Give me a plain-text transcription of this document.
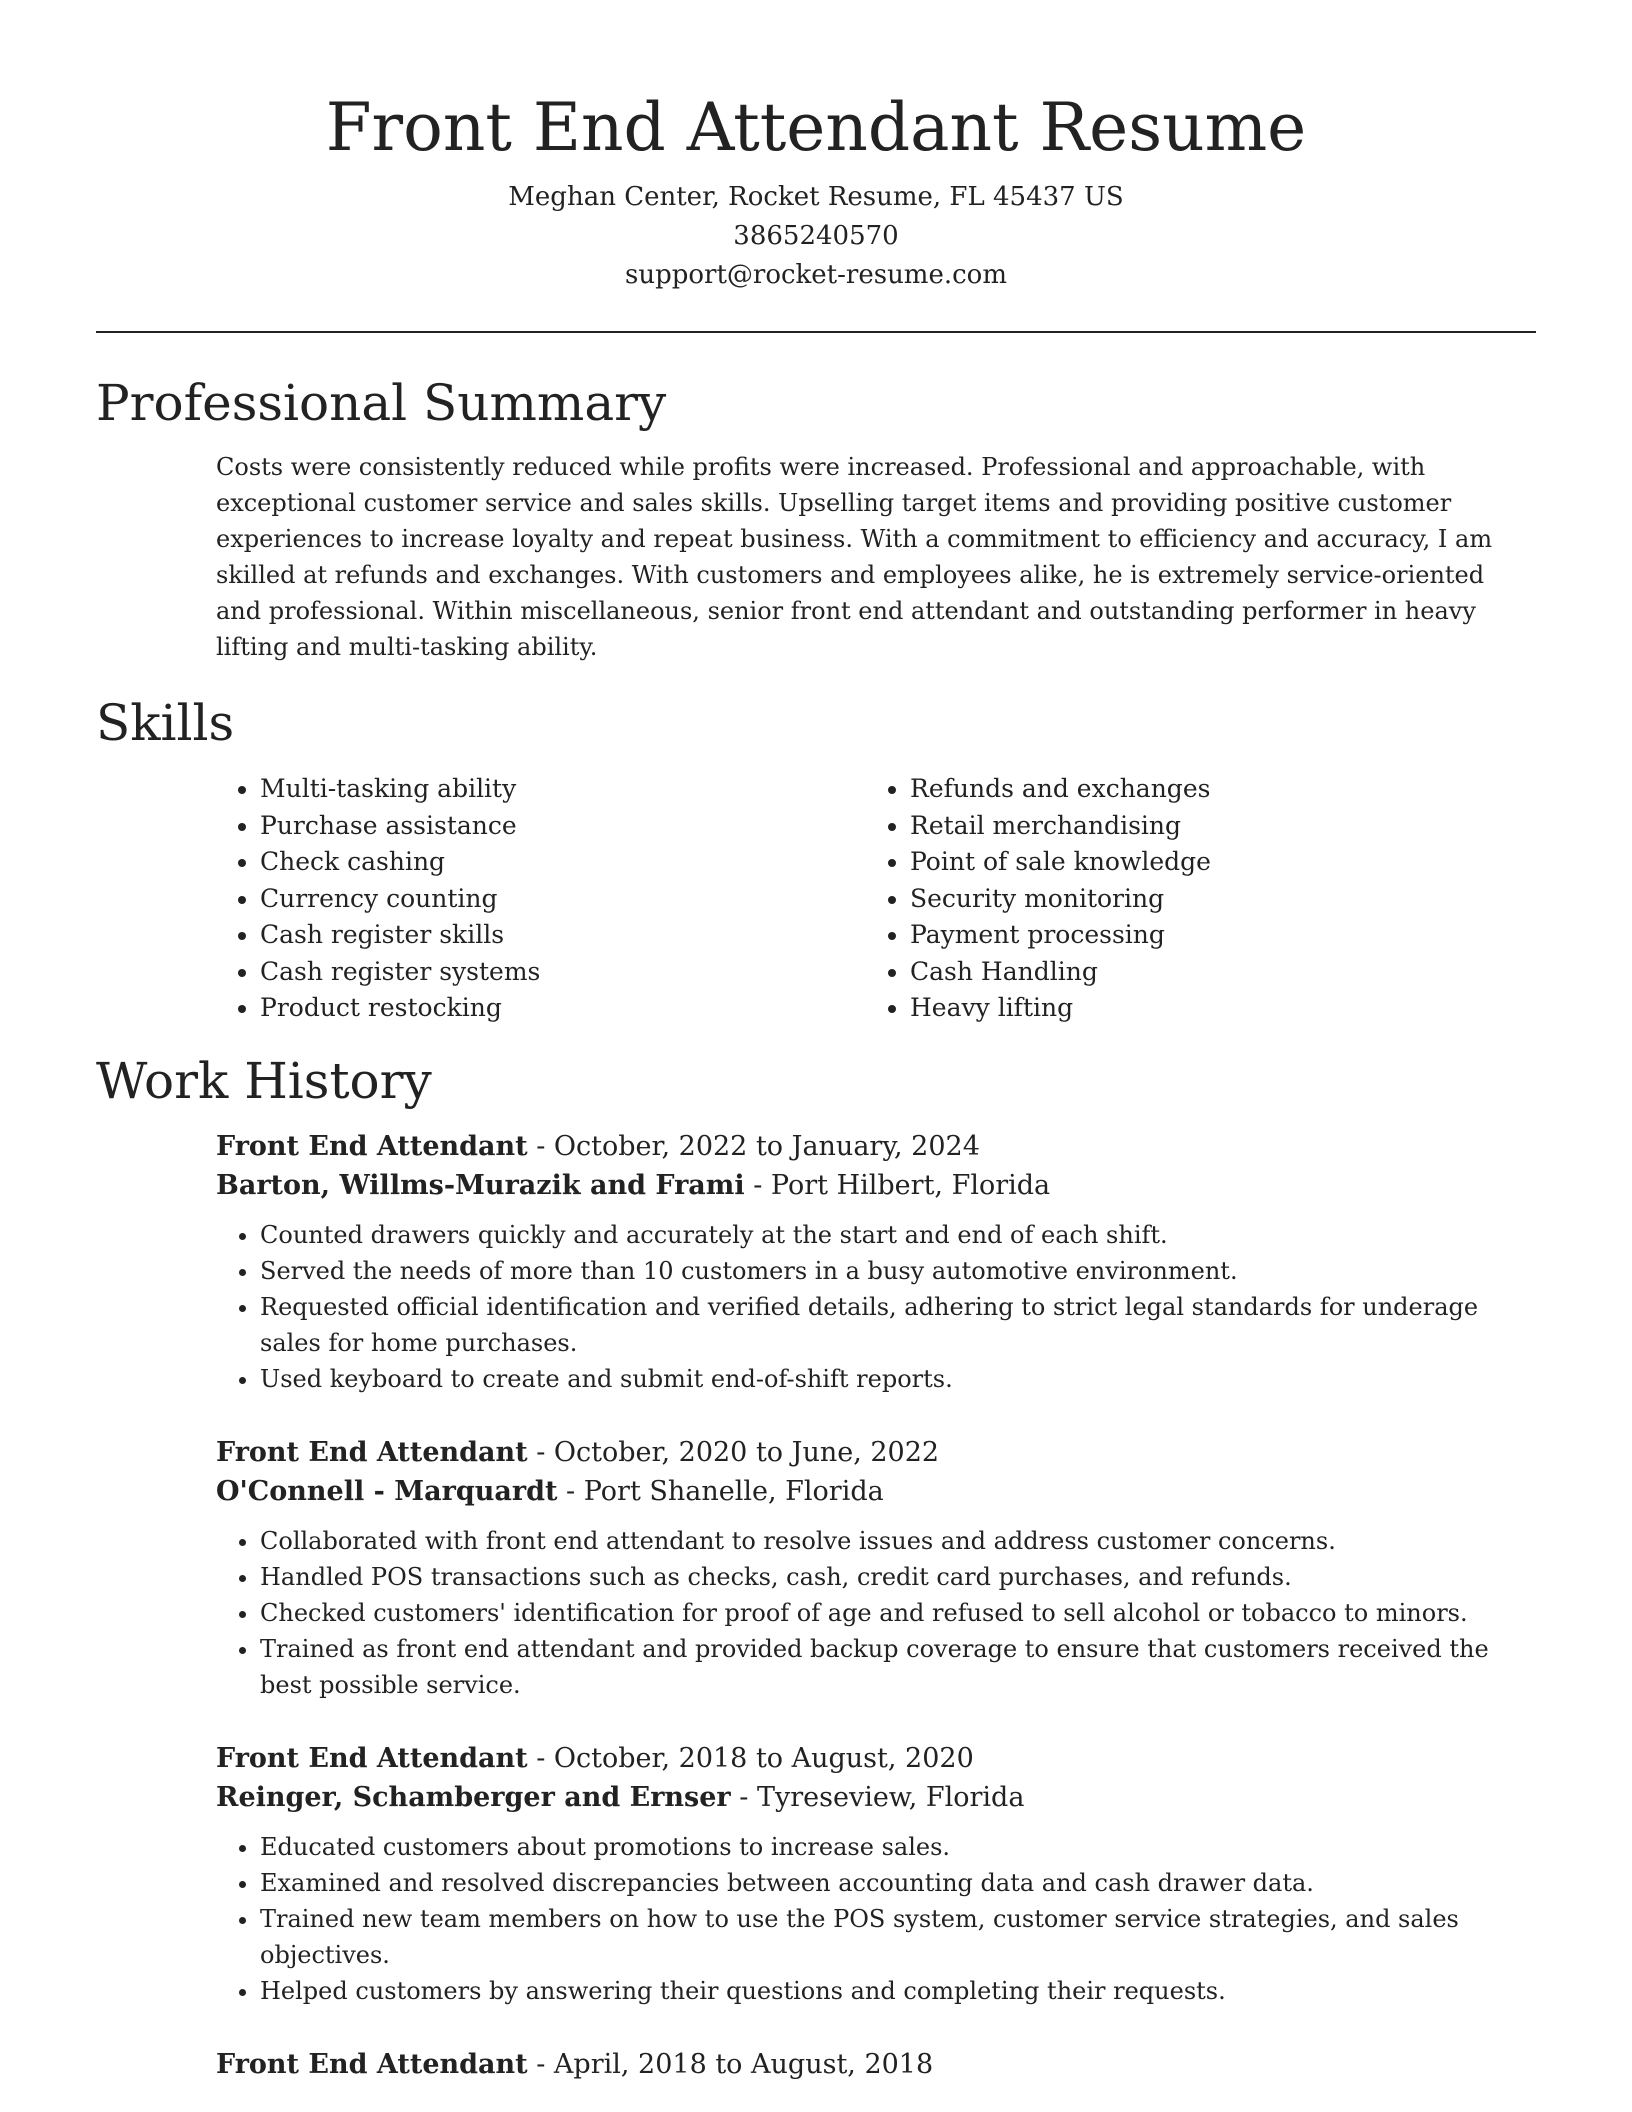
Front End Attendant Resume
Meghan Center, Rocket Resume, FL 45437 US
3865240570
support@rocket-resume.com
Professional Summary

Costs were consistently reduced while profits were increased. Professional and approachable, with exceptional customer service and sales skills. Upselling target items and providing positive customer experiences to increase loyalty and repeat business. With a commitment to efficiency and accuracy, I am skilled at refunds and exchanges. With customers and employees alike, he is extremely service-oriented and professional. Within miscellaneous, senior front end attendant and outstanding performer in heavy lifting and multi-tasking ability.

Skills
• Multi-tasking ability
• Purchase assistance
• Check cashing
• Currency counting
• Cash register skills
• Cash register systems
• Product restocking
• Refunds and exchanges
• Retail merchandising
• Point of sale knowledge
• Security monitoring
• Payment processing
• Cash Handling
• Heavy lifting
Work History
Front End Attendant - October, 2022 to January, 2024
Barton, Willms-Murazik and Frami - Port Hilbert, Florida
• Counted drawers quickly and accurately at the start and end of each shift.
• Served the needs of more than 10 customers in a busy automotive environment.
• Requested official identification and verified details, adhering to strict legal standards for underage sales for home purchases.
• Used keyboard to create and submit end-of-shift reports.
Front End Attendant - October, 2020 to June, 2022
O'Connell - Marquardt - Port Shanelle, Florida
• Collaborated with front end attendant to resolve issues and address customer concerns.
• Handled POS transactions such as checks, cash, credit card purchases, and refunds.
• Checked customers' identification for proof of age and refused to sell alcohol or tobacco to minors.
• Trained as front end attendant and provided backup coverage to ensure that customers received the best possible service.
Front End Attendant - October, 2018 to August, 2020
Reinger, Schamberger and Ernser - Tyreseview, Florida
• Educated customers about promotions to increase sales.
• Examined and resolved discrepancies between accounting data and cash drawer data.
• Trained new team members on how to use the POS system, customer service strategies, and sales objectives.
• Helped customers by answering their questions and completing their requests.
Front End Attendant - April, 2018 to August, 2018
